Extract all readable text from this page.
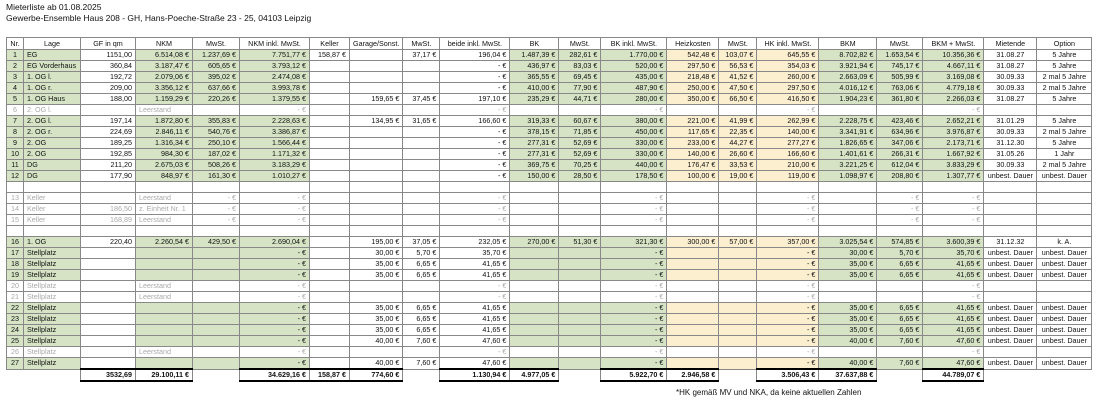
Mieterliste ab 01.08.2025
Gewerbe-Ensemble Haus 208 - GH, Hans-Poeche-Straße 23 - 25, 04103 Leipzig
Nr.	Lage	GF in qm	NKM	MwSt.	NKM inkl. MwSt.	Keller	Garage/Sonst.	MwSt.	beide inkl. MwSt.	BK	MwSt.	BK inkl. MwSt.	Heizkosten	MwSt.	HK inkl. MwSt.	BKM	MwSt.	BKM + MwSt.	Mietende	Option
1	EG	1151,00	6.514,08 €	1.237,69 €	7.751,77 €	158,87 €		37,17 €	196,04 €	1.487,39 €	282,61 €	1.770,00 €	542,48 €	103,07 €	645,55 €	8.702,82 €	1.653,54 €	10.356,36 €	31.08.27	5 Jahre
2	EG Vorderhaus	360,84	3.187,47 €	605,65 €	3.793,12 €				- €	436,97 €	83,03 €	520,00 €	297,50 €	56,53 €	354,03 €	3.921,94 €	745,17 €	4.667,11 €	31.08.27	5 Jahre
3	1. OG l.	192,72	2.079,06 €	395,02 €	2.474,08 €				- €	365,55 €	69,45 €	435,00 €	218,48 €	41,52 €	260,00 €	2.663,09 €	505,99 €	3.169,08 €	30.09.33	2 mal 5 Jahre
4	1. OG r.	209,00	3.356,12 €	637,66 €	3.993,78 €				- €	410,00 €	77,90 €	487,90 €	250,00 €	47,50 €	297,50 €	4.016,12 €	763,06 €	4.779,18 €	30.09.33	2 mal 5 Jahre
5	1. OG Haus	188,00	1.159,29 €	220,26 €	1.379,55 €		159,65 €	37,45 €	197,10 €	235,29 €	44,71 €	280,00 €	350,00 €	66,50 €	416,50 €	1.904,23 €	361,80 €	2.266,03 €	31.08.27	5 Jahre
6	2. OG l.		Leerstand		- €				- €			- €			- €			- €		
7	2. OG l.	197,14	1.872,80 €	355,83 €	2.228,63 €		134,95 €	31,65 €	166,60 €	319,33 €	60,67 €	380,00 €	221,00 €	41,99 €	262,99 €	2.228,75 €	423,46 €	2.652,21 €	31.01.29	5 Jahre
8	2. OG r.	224,69	2.846,11 €	540,76 €	3.386,87 €				- €	378,15 €	71,85 €	450,00 €	117,65 €	22,35 €	140,00 €	3.341,91 €	634,96 €	3.976,87 €	30.09.33	2 mal 5 Jahre
9	2. OG	189,25	1.316,34 €	250,10 €	1.566,44 €				- €	277,31 €	52,69 €	330,00 €	233,00 €	44,27 €	277,27 €	1.826,65 €	347,06 €	2.173,71 €	31.12.30	5 Jahre
10	2. OG	192,85	984,30 €	187,02 €	1.171,32 €				- €	277,31 €	52,69 €	330,00 €	140,00 €	26,60 €	166,60 €	1.401,61 €	266,31 €	1.667,92 €	31.05.26	1 Jahr
11	DG	211,20	2.675,03 €	508,26 €	3.183,29 €				- €	369,75 €	70,25 €	440,00 €	176,47 €	33,53 €	210,00 €	3.221,25 €	612,04 €	3.833,29 €	30.09.33	2 mal 5 Jahre
12	DG	177,90	848,97 €	161,30 €	1.010,27 €				- €	150,00 €	28,50 €	178,50 €	100,00 €	19,00 €	119,00 €	1.098,97 €	208,80 €	1.307,77 €	unbest. Dauer	unbest. Dauer

13	Keller		Leerstand	- €	- €				- €			- €			- €		- €	- €		
14	Keller	186,50	z. Einheit Nr. 1	- €	- €				- €			- €			- €		- €	- €		
15	Keller	168,89	Leerstand	- €	- €				- €			- €			- €		- €	- €		

16	1. OG	220,40	2.260,54 €	429,50 €	2.690,04 €		195,00 €	37,05 €	232,05 €	270,00 €	51,30 €	321,30 €	300,00 €	57,00 €	357,00 €	3.025,54 €	574,85 €	3.600,39 €	31.12.32	k. A.
17	Stellplatz				- €		30,00 €	5,70 €	35,70 €			- €			- €	30,00 €	5,70 €	35,70 €	unbest. Dauer	unbest. Dauer
18	Stellplatz				- €		35,00 €	6,65 €	41,65 €			- €			- €	35,00 €	6,65 €	41,65 €	unbest. Dauer	unbest. Dauer
19	Stellplatz				- €		35,00 €	6,65 €	41,65 €			- €			- €	35,00 €	6,65 €	41,65 €	unbest. Dauer	unbest. Dauer
20	Stellplatz		Leerstand		- €				- €			- €			- €			- €		
21	Stellplatz		Leerstand		- €				- €			- €			- €			- €		
22	Stellplatz				- €		35,00 €	6,65 €	41,65 €			- €			- €	35,00 €	6,65 €	41,65 €	unbest. Dauer	unbest. Dauer
23	Stellplatz				- €		35,00 €	6,65 €	41,65 €			- €			- €	35,00 €	6,65 €	41,65 €	unbest. Dauer	unbest. Dauer
24	Stellplatz				- €		35,00 €	6,65 €	41,65 €			- €			- €	35,00 €	6,65 €	41,65 €	unbest. Dauer	unbest. Dauer
25	Stellplatz				- €		40,00 €	7,60 €	47,60 €			- €			- €	40,00 €	7,60 €	47,60 €	unbest. Dauer	unbest. Dauer
26	Stellplatz		Leerstand		- €				- €			- €			- €			- €		
27	Stellplatz				- €		40,00 €	7,60 €	47,60 €			- €			- €	40,00 €	7,60 €	47,60 €	unbest. Dauer	unbest. Dauer
		3532,69	29.100,11 €		34.629,16 €	158,87 €	774,60 €		1.130,94 €	4.977,05 €		5.922,70 €	2.946,58 €		3.506,43 €	37.637,88 €		44.789,07 €		
*HK gemäß MV und NKA, da keine aktuellen Zahlen
